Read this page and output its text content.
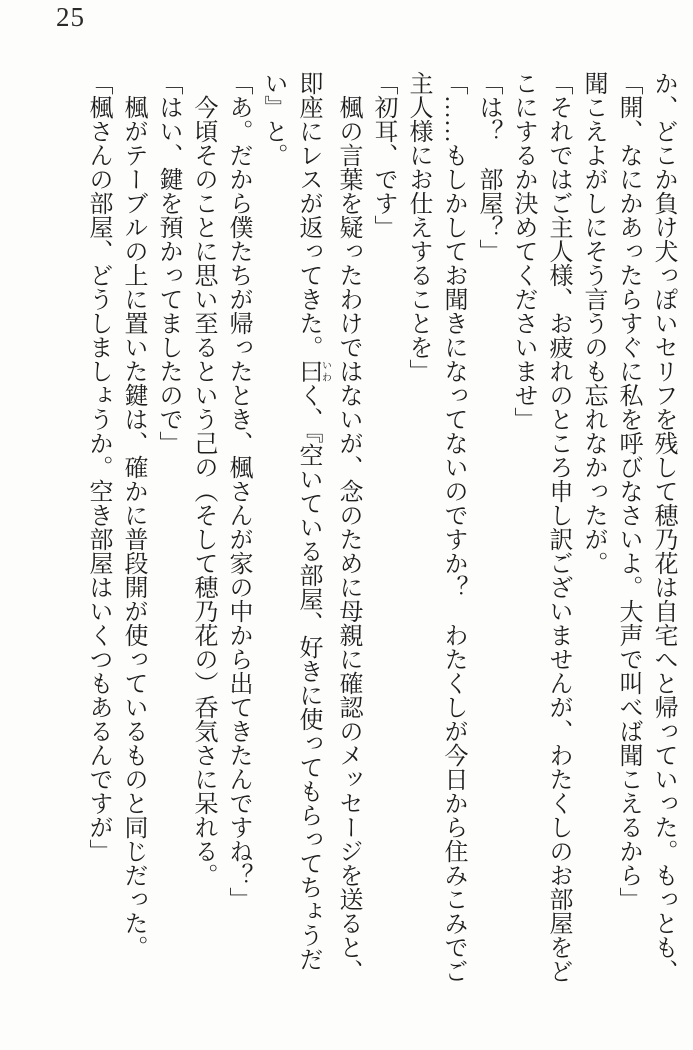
25
か、どこか負け犬っぽいセリフを残して穂乃花は自宅へと帰っていった。もっとも、
「開、なにかあったらすぐに私を呼びなさいよ。大声で叫べば聞こえるから」
聞こえよがしにそう言うのも忘れなかったが。
「それではご主人様、お疲れのところ申し訳ございませんが、わたくしのお部屋をど
こにするか決めてくださいませ」
「は？　部屋？」
「……もしかしてお聞きになってないのですか？　わたくしが今日から住みこみでご
主人様にお仕えすることを」
「初耳、です」
　楓の言葉を疑ったわけではないが、念のために母親に確認のメッセージを送ると、
即座にレスが返ってきた。曰いわく、『空いている部屋、好きに使ってもらってちょうだ
い』と。
「あ。だから僕たちが帰ったとき、楓さんが家の中から出てきたんですね？」
　今頃そのことに思い至るという己の（そして穂乃花の）呑気さに呆れる。
「はい、鍵を預かってましたので」
　楓がテーブルの上に置いた鍵は、確かに普段開が使っているものと同じだった。
「楓さんの部屋、どうしましょうか。空き部屋はいくつもあるんですが」
